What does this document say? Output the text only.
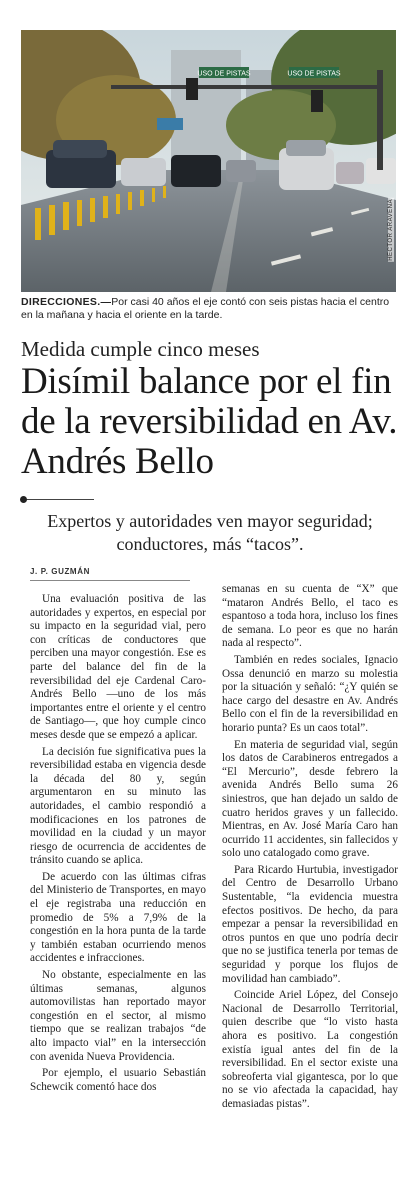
USO DE PISTAS	USO DE PISTAS
HÉCTOR ARAVENA
DIRECCIONES.—Por casi 40 años el eje contó con seis pistas hacia el centro en la mañana y hacia el oriente en la tarde.
Medida cumple cinco meses
Disímil balance por el fin de la reversibilidad en Av. Andrés Bello
Expertos y autoridades ven mayor seguridad; conductores, más “tacos”.
J. P. GUZMÁN

Una evaluación positiva de las autoridades y expertos, en especial por su impacto en la seguridad vial, pero con críticas de conductores que perciben una mayor congestión. Ese es parte del balance del fin de la reversibilidad del eje Cardenal Caro-Andrés Bello —uno de los más importantes entre el oriente y el centro de Santiago—, que hoy cumple cinco meses desde que se empezó a aplicar.

La decisión fue significativa pues la reversibilidad estaba en vigencia desde la década del 80 y, según argumentaron en su minuto las autoridades, el cambio respondió a modificaciones en los patrones de movilidad en la ciudad y un mayor riesgo de ocurrencia de accidentes de tránsito cuando se aplica.

De acuerdo con las últimas cifras del Ministerio de Transportes, en mayo el eje registraba una reducción en promedio de 5% a 7,9% de la congestión en la hora punta de la tarde y también estaban ocurriendo menos accidentes e infracciones.

No obstante, especialmente en las últimas semanas, algunos automovilistas han reportado mayor congestión en el sector, al mismo tiempo que se realizan trabajos “de alto impacto vial” en la intersección con avenida Nueva Providencia.

Por ejemplo, el usuario Sebastián Schewcik comentó hace dos

semanas en su cuenta de “X” que “mataron Andrés Bello, el taco es espantoso a toda hora, incluso los fines de semana. Lo peor es que no harán nada al respecto”.

También en redes sociales, Ignacio Ossa denunció en marzo su molestia por la situación y señaló: “¿Y quién se hace cargo del desastre en Av. Andrés Bello con el fin de la reversibilidad en horario punta? Es un caos total”.

En materia de seguridad vial, según los datos de Carabineros entregados a “El Mercurio”, desde febrero la avenida Andrés Bello suma 26 siniestros, que han dejado un saldo de cuatro heridos graves y un fallecido. Mientras, en Av. José María Caro han ocurrido 11 accidentes, sin fallecidos y solo uno catalogado como grave.

Para Ricardo Hurtubia, investigador del Centro de Desarrollo Urbano Sustentable, “la evidencia muestra efectos positivos. De hecho, da para empezar a pensar la reversibilidad en otros puntos en que uno podría decir que no se justifica tenerla por temas de seguridad y porque los flujos de movilidad han cambiado”.

Coincide Ariel López, del Consejo Nacional de Desarrollo Territorial, quien describe que “lo visto hasta ahora es positivo. La congestión existía igual antes del fin de la reversibilidad. En el sector existe una sobreoferta vial gigantesca, por lo que no se vio afectada la capacidad, hay demasiadas pistas”.
